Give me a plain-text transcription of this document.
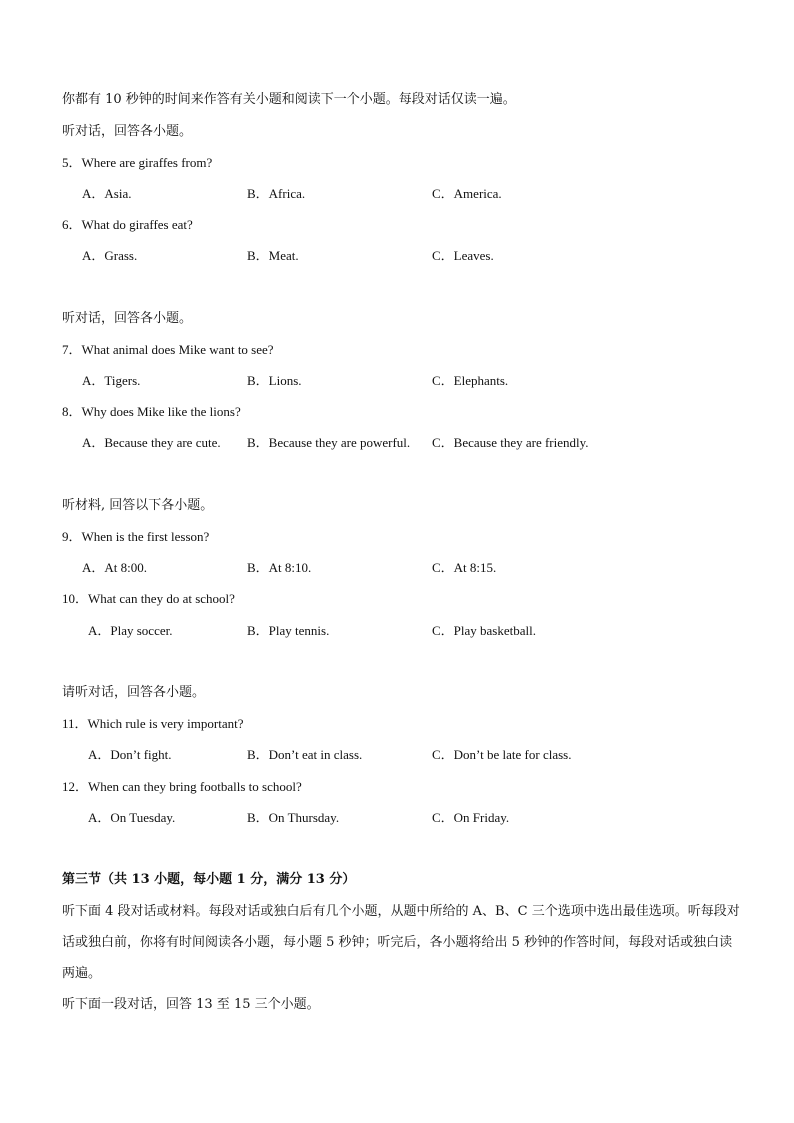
你都有 10 秒钟的时间来作答有关小题和阅读下一个小题。每段对话仅读一遍。
听对话，回答各小题。
5．Where are giraffes from?
A．Asia.	B．Africa.	C．America.
6．What do giraffes eat?
A．Grass.	B．Meat.	C．Leaves.
听对话，回答各小题。
7．What animal does Mike want to see?
A．Tigers.	B．Lions.	C．Elephants.
8．Why does Mike like the lions?
A．Because they are cute. B．Because they are powerful. C．Because they are friendly.
听材料, 回答以下各小题。
9．When is the first lesson?
A．At 8:00.	B．At 8:10.	C．At 8:15.
10．What can they do at school?
A．Play soccer.	B．Play tennis.	C．Play basketball.
请听对话，回答各小题。
11．Which rule is very important?
A．Don’t fight.	B．Don’t eat in class.	C．Don’t be late for class.
12．When can they bring footballs to school?
A．On Tuesday.	B．On Thursday.	C．On Friday.
第三节（共 13 小题，每小题 1 分，满分 13 分）
听下面 4 段对话或材料。每段对话或独白后有几个小题，从题中所给的 A、B、C 三个选项中选出最佳选项。听每段对话或独白前，你将有时间阅读各小题，每小题 5 秒钟；听完后，各小题将给出 5 秒钟的作答时间，每段对话或独白读两遍。
听下面一段对话，回答 13 至 15 三个小题。
